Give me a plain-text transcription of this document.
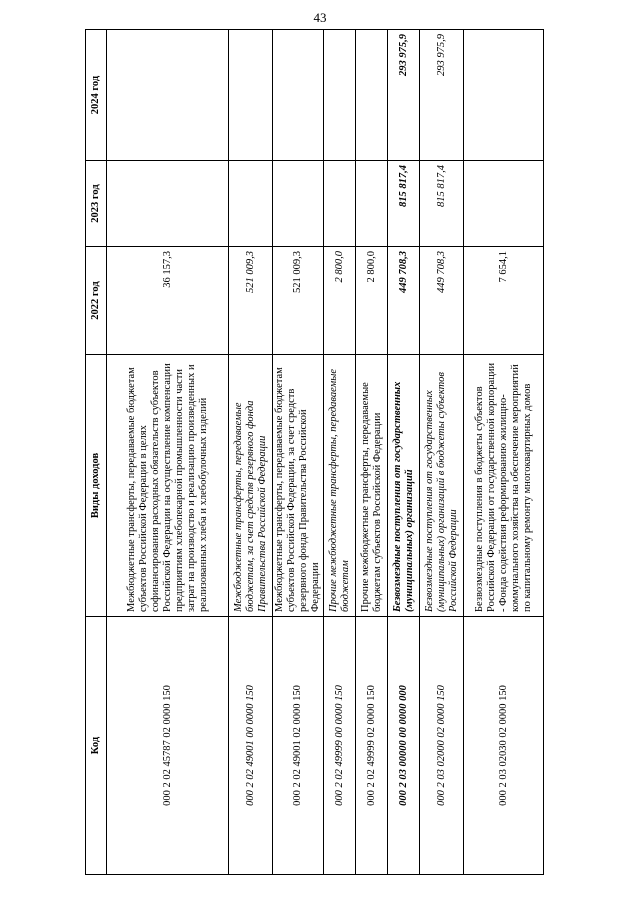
43
Код	Виды доходов	2022 год	2023 год	2024 год
000 2 02 45787 02 0000 150	Межбюджетные трансферты, передаваемые бюджетам субъектов Российской Федерации в целях софинансирования расходных обязательств субъектов Российской Федерации на осуществление компенсации предприятиям хлебопекарной промышленности части затрат на производство и реализацию произведенных и реализованных хлеба и хлебобулочных изделий	36 157,3		
000 2 02 49001 00 0000 150	Межбюджетные трансферты, передаваемые бюджетам, за счет средств резервного фонда Правительства Российской Федерации	521 009,3		
000 2 02 49001 02 0000 150	Межбюджетные трансферты, передаваемые бюджетам субъектов Российской Федерации, за счет средств резервного фонда Правительства Российской Федерации	521 009,3		
000 2 02 49999 00 0000 150	Прочие межбюджетные трансферты, передаваемые бюджетам	2 800,0		
000 2 02 49999 02 0000 150	Прочие межбюджетные трансферты, передаваемые бюджетам субъектов Российской Федерации	2 800,0		
000 2 03 00000 00 0000 000	Безвозмездные поступления от государственных (муниципальных) организаций	449 708,3	815 817,4	293 975,9
000 2 03 02000 02 0000 150	Безвозмездные поступления от государственных (муниципальных) организаций в бюджеты субъектов Российской Федерации	449 708,3	815 817,4	293 975,9
000 2 03 02030 02 0000 150	Безвозмездные поступления в бюджеты субъектов Российской Федерации от государственной корпорации - Фонда содействия реформированию жилищно-коммунального хозяйства на обеспечение мероприятий по капитальному ремонту многоквартирных домов	7 654,1		
